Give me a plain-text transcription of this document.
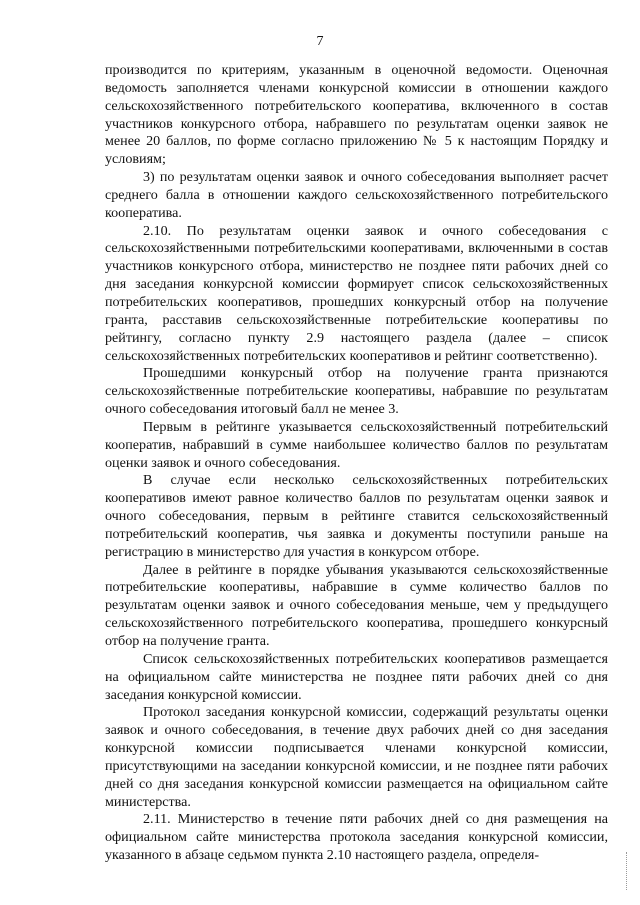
7

производится по критериям, указанным в оценочной ведомости. Оценочная ведомость заполняется членами конкурсной комиссии в отношении каждого сельскохозяйственного потребительского кооператива, включенного в состав участников конкурсного отбора, набравшего по результатам оценки заявок не менее 20 баллов, по форме согласно приложению № 5 к настоящим Порядку и условиям;

3) по результатам оценки заявок и очного собеседования выполняет расчет среднего балла в отношении каждого сельскохозяйственного потребительского кооператива.

2.10. По результатам оценки заявок и очного собеседования с сельскохозяйственными потребительскими кооперативами, включенными в состав участников конкурсного отбора, министерство не позднее пяти рабочих дней со дня заседания конкурсной комиссии формирует список сельскохозяйственных потребительских кооперативов, прошедших конкурсный отбор на получение гранта, расставив сельскохозяйственные потребительские кооперативы по рейтингу, согласно пункту 2.9 настоящего раздела (далее – список сельскохозяйственных потребительских кооперативов и рейтинг соответственно).

Прошедшими конкурсный отбор на получение гранта признаются сельскохозяйственные потребительские кооперативы, набравшие по результатам очного собеседования итоговый балл не менее 3.

Первым в рейтинге указывается сельскохозяйственный потребительский кооператив, набравший в сумме наибольшее количество баллов по результатам оценки заявок и очного собеседования.

В случае если несколько сельскохозяйственных потребительских кооперативов имеют равное количество баллов по результатам оценки заявок и очного собеседования, первым в рейтинге ставится сельскохозяйственный потребительский кооператив, чья заявка и документы поступили раньше на регистрацию в министерство для участия в конкурсом отборе.

Далее в рейтинге в порядке убывания указываются сельскохозяйственные потребительские кооперативы, набравшие в сумме количество баллов по результатам оценки заявок и очного собеседования меньше, чем у предыдущего сельскохозяйственного потребительского кооператива, прошедшего конкурсный отбор на получение гранта.

Список сельскохозяйственных потребительских кооперативов размещается на официальном сайте министерства не позднее пяти рабочих дней со дня заседания конкурсной комиссии.

Протокол заседания конкурсной комиссии, содержащий результаты оценки заявок и очного собеседования, в течение двух рабочих дней со дня заседания конкурсной комиссии подписывается членами конкурсной комиссии, присутствующими на заседании конкурсной комиссии, и не позднее пяти рабочих дней со дня заседания конкурсной комиссии размещается на официальном сайте министерства.

2.11. Министерство в течение пяти рабочих дней со дня размещения на официальном сайте министерства протокола заседания конкурсной комиссии, указанного в абзаце седьмом пункта 2.10 настоящего раздела, определя-
